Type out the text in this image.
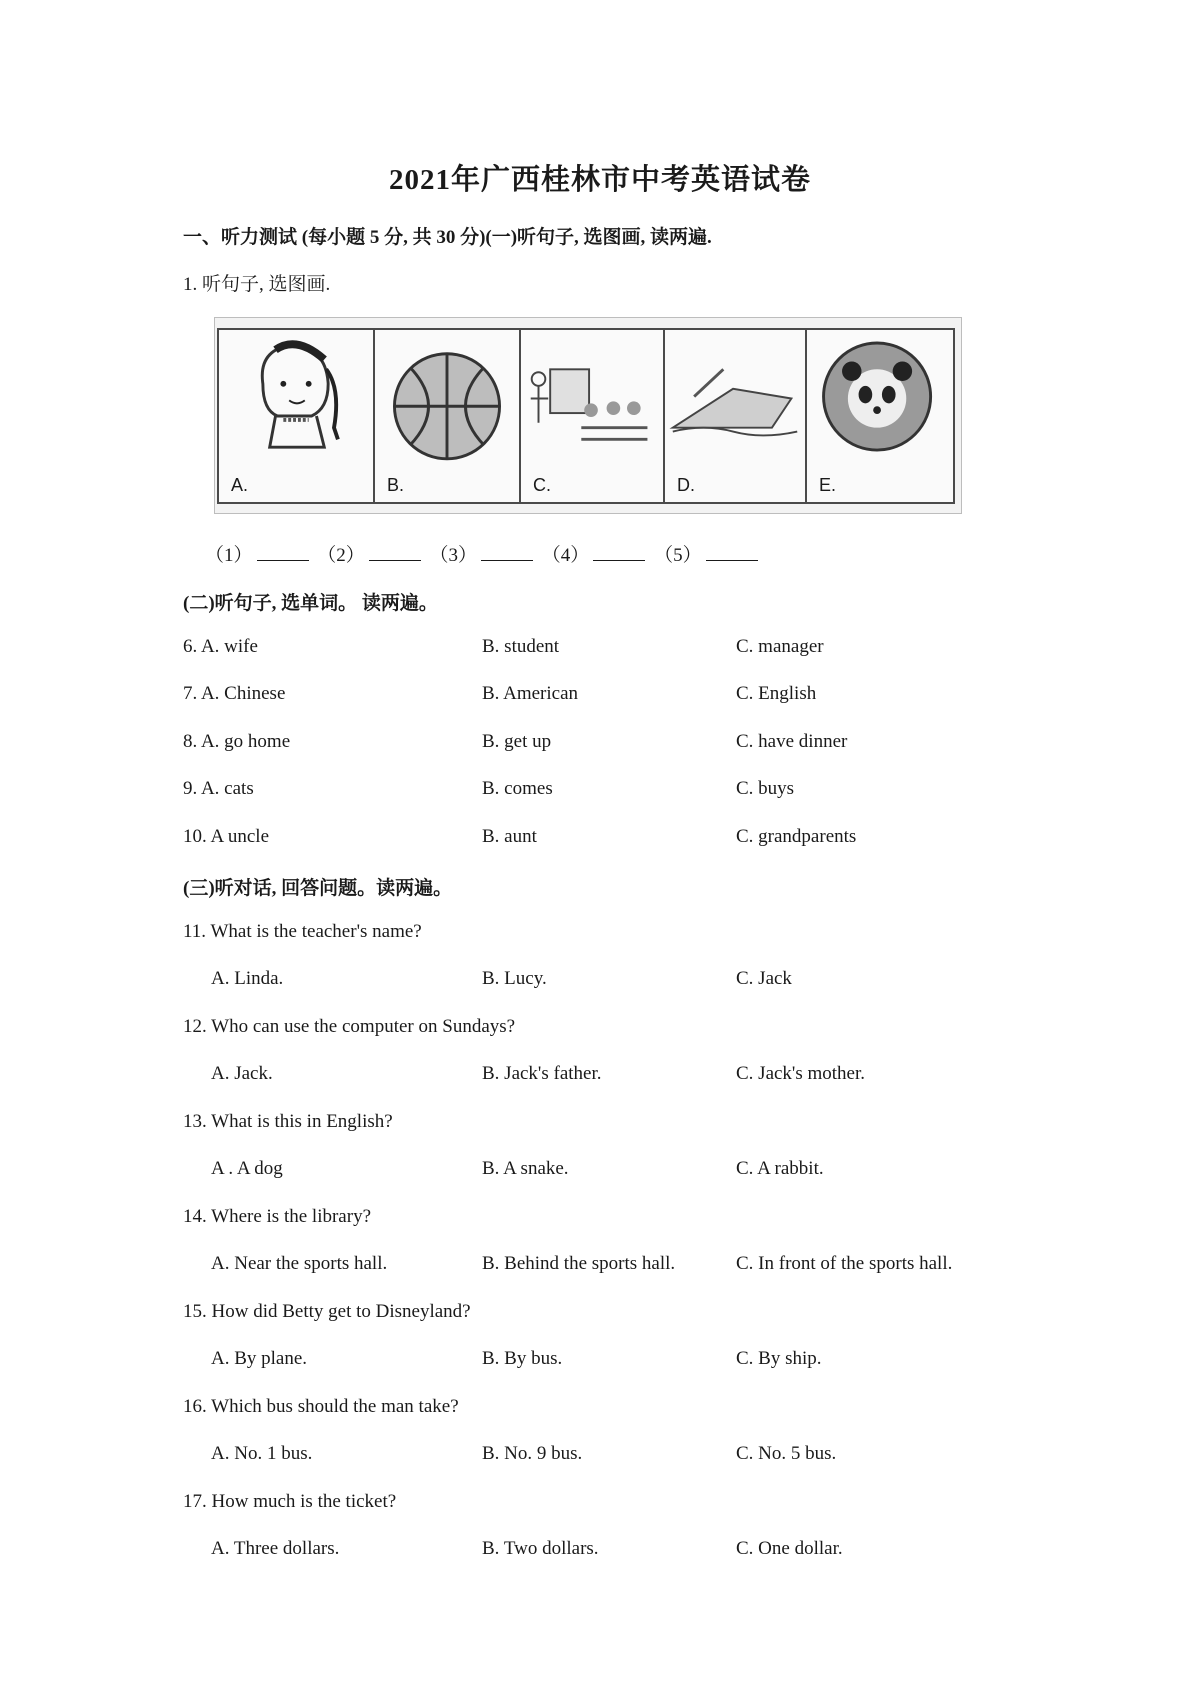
2021年广西桂林市中考英语试卷
一、听力测试 (每小题 5 分, 共 30 分)(一)听句子, 选图画, 读两遍.
1. 听句子, 选图画.
A.	B.	C.	D.	E.
（1）	（2）	（3）	（4）	（5）
(二)听句子, 选单词。 读两遍。
6. A. wife	B. student	C. manager
7. A. Chinese	B. American	C. English
8. A. go home	B. get up	C. have dinner
9. A. cats	B. comes	C. buys
10. A uncle	B. aunt	C. grandparents
(三)听对话, 回答问题。读两遍。
11. What is the teacher's name?
A. Linda.	B. Lucy.	C. Jack
12. Who can use the computer on Sundays?
A. Jack.	B. Jack's father.	C. Jack's mother.
13. What is this in English?
A . A dog	B. A snake.	C. A rabbit.
14. Where is the library?
A. Near the sports hall.	B. Behind the sports hall.	C. In front of the sports hall.
15. How did Betty get to Disneyland?
A. By plane.	B. By bus.	C. By ship.
16. Which bus should the man take?
A. No. 1 bus.	B. No. 9 bus.	C. No. 5 bus.
17. How much is the ticket?
A. Three dollars.	B. Two dollars.	C. One dollar.
